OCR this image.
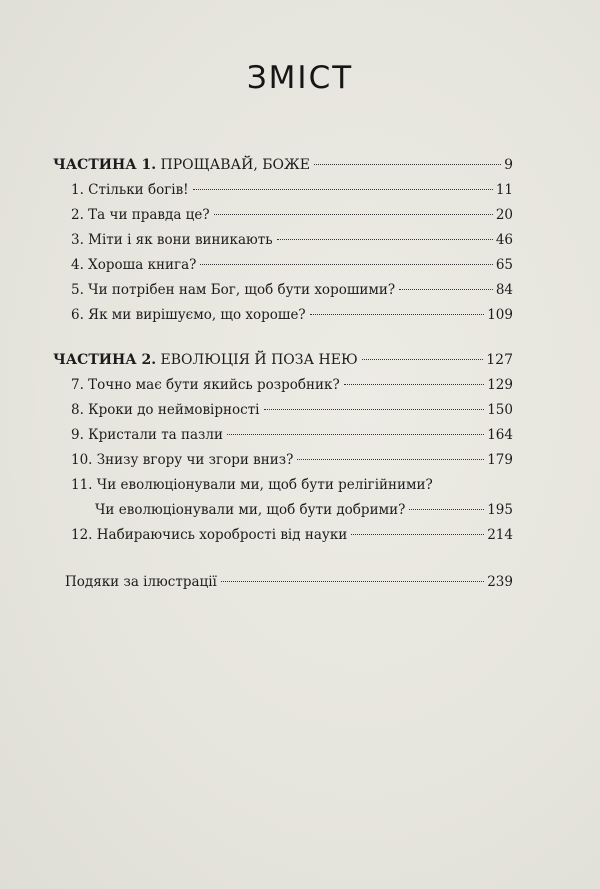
ЗМІСТ
ЧАСТИНА 1. ПРОЩАВАЙ, БОЖЕ	9
1. Стільки богів!	11
2. Та чи правда це?	20
3. Міти і як вони виникають	46
4. Хороша книга?	65
5. Чи потрібен нам Бог, щоб бути хорошими?	84
6. Як ми вирішуємо, що хороше?	109
ЧАСТИНА 2. ЕВОЛЮЦІЯ Й ПОЗА НЕЮ	127
7. Точно має бути якийсь розробник?	129
8. Кроки до неймовірності	150
9. Кристали та пазли	164
10. Знизу вгору чи згори вниз?	179
11. Чи еволюціонували ми, щоб бути релігійними?
Чи еволюціонували ми, щоб бути добрими?	195
12. Набираючись хоробрості від науки	214
Подяки за ілюстрації	239
